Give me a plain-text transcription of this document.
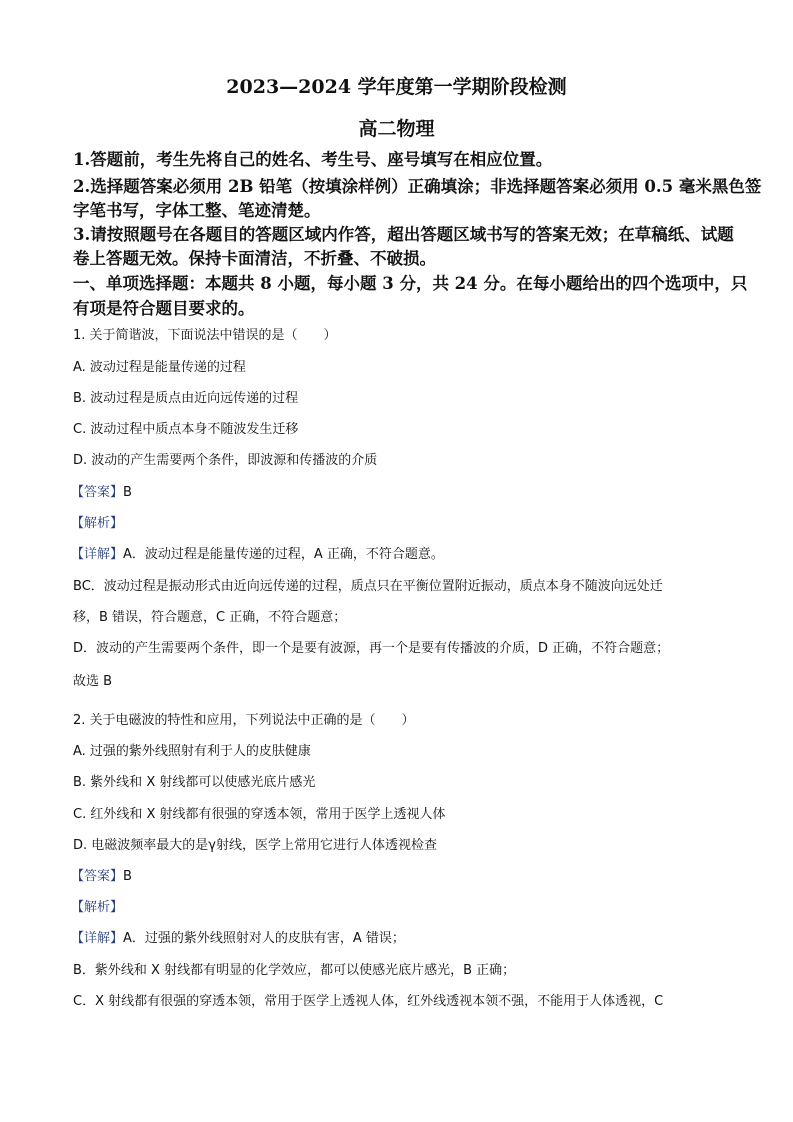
2023—2024 学年度第一学期阶段检测
高二物理
1.答题前，考生先将自己的姓名、考生号、座号填写在相应位置。
2.选择题答案必须用 2B 铅笔（按填涂样例）正确填涂；非选择题答案必须用 0.5 毫米黑色签
字笔书写，字体工整、笔迹清楚。
3.请按照题号在各题目的答题区域内作答，超出答题区域书写的答案无效；在草稿纸、试题
卷上答题无效。保持卡面清洁，不折叠、不破损。
一、单项选择题：本题共 8 小题，每小题 3 分，共 24 分。在每小题给出的四个选项中，只
有项是符合题目要求的。
1. 关于简谐波，下面说法中错误的是（　　）
A. 波动过程是能量传递的过程
B. 波动过程是质点由近向远传递的过程
C. 波动过程中质点本身不随波发生迁移
D. 波动的产生需要两个条件，即波源和传播波的介质
【答案】B
【解析】
【详解】A．波动过程是能量传递的过程，A 正确，不符合题意。
BC．波动过程是振动形式由近向远传递的过程，质点只在平衡位置附近振动，质点本身不随波向远处迁
移，B 错误，符合题意，C 正确，不符合题意；
D．波动的产生需要两个条件，即一个是要有波源，再一个是要有传播波的介质，D 正确，不符合题意；
故选 B
2. 关于电磁波的特性和应用，下列说法中正确的是（　　）
A. 过强的紫外线照射有利于人的皮肤健康
B. 紫外线和 X 射线都可以使感光底片感光
C. 红外线和 X 射线都有很强的穿透本领，常用于医学上透视人体
D. 电磁波频率最大的是γ射线，医学上常用它进行人体透视检查
【答案】B
【解析】
【详解】A．过强的紫外线照射对人的皮肤有害，A 错误；
B．紫外线和 X 射线都有明显的化学效应，都可以使感光底片感光，B 正确；
C．X 射线都有很强的穿透本领，常用于医学上透视人体，红外线透视本领不强，不能用于人体透视，C
